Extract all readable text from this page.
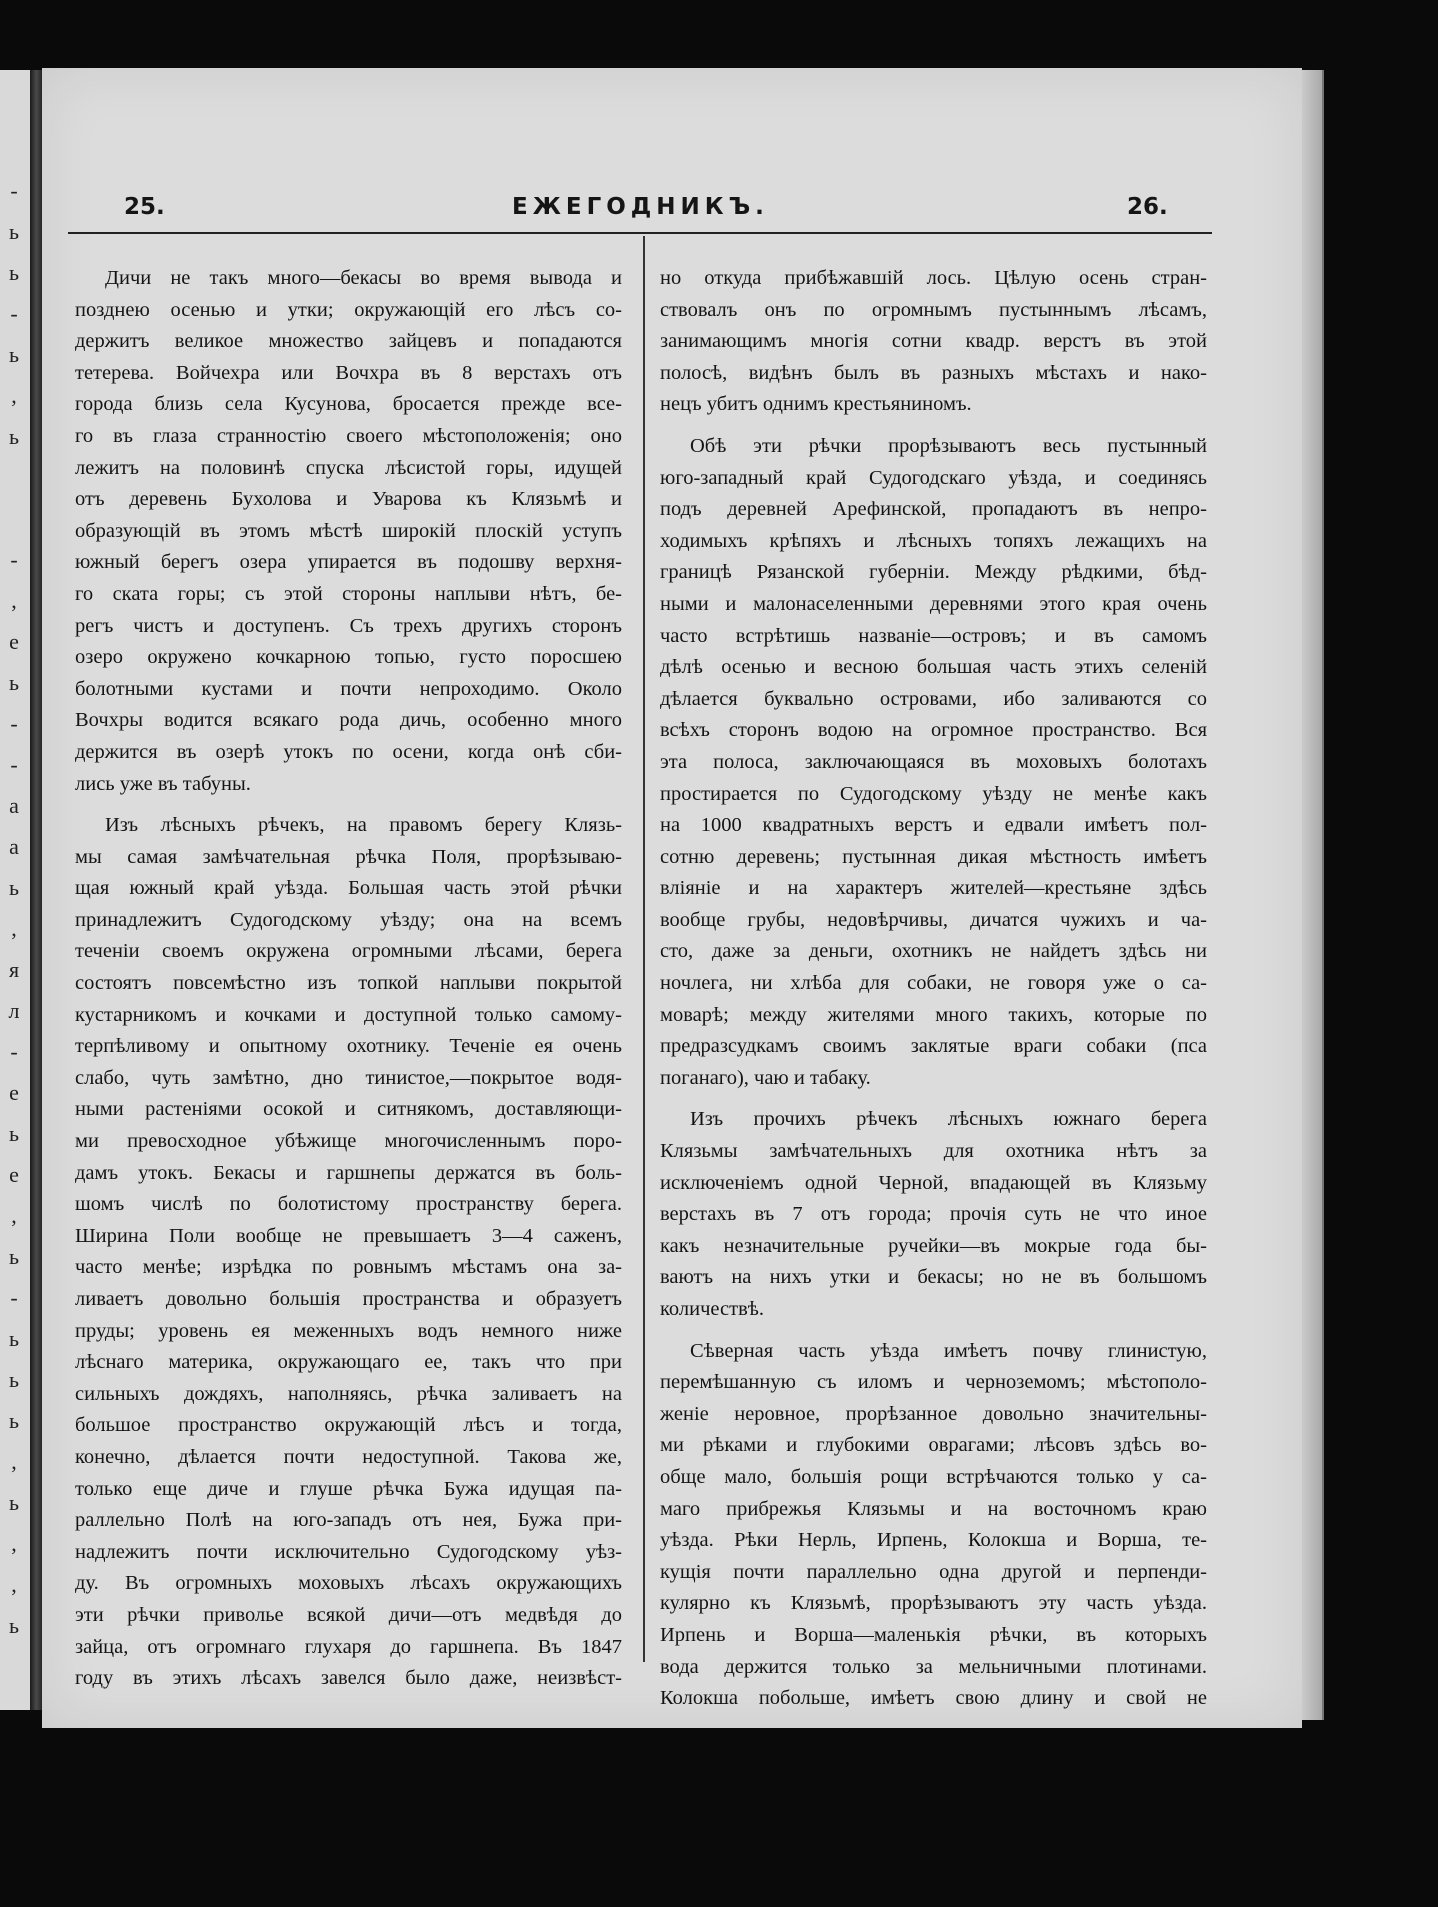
-
ь
ь
-
ь
,
ь
-
,
е
ь
-
-
а
а
ь
,
я
л
-
е
ь
е
,
ь
-
ь
ь
ь
,
ь
,
,
ь
25.	ЕЖЕГОДНИКЪ.	26.
Дичи не такъ много—бекасы во время вывода и
позднею осенью и утки; окружающій его лѣсъ со-
держитъ великое множество зайцевъ и попадаются
тетерева. Войчехра или Вочхра въ 8 верстахъ отъ
города близь села Кусунова, бросается прежде все-
го въ глаза странностію своего мѣстоположенія; оно
лежитъ на половинѣ спуска лѣсистой горы, идущей
отъ деревень Бухолова и Уварова къ Клязьмѣ и
образующій въ этомъ мѣстѣ широкій плоскій уступъ
южный берегъ озера упирается въ подошву верхня-
го ската горы; съ этой стороны наплыви нѣтъ, бе-
регъ чистъ и доступенъ. Съ трехъ другихъ сторонъ
озеро окружено кочкарною топью, густо поросшею
болотными кустами и почти непроходимо. Около
Вочхры водится всякаго рода дичь, особенно много
держится въ озерѣ утокъ по осени, когда онѣ сби-
лись уже въ табуны.
Изъ лѣсныхъ рѣчекъ, на правомъ берегу Клязь-
мы самая замѣчательная рѣчка Поля, прорѣзываю-
щая южный край уѣзда. Большая часть этой рѣчки
принадлежитъ Судогодскому уѣзду; она на всемъ
теченіи своемъ окружена огромными лѣсами, берега
состоятъ повсемѣстно изъ топкой наплыви покрытой
кустарникомъ и кочками и доступной только самому-
терпѣливому и опытному охотнику. Теченіе ея очень
слабо, чуть замѣтно, дно тинистое,—покрытое водя-
ными растеніями осокой и ситнякомъ, доставляющи-
ми превосходное убѣжище многочисленнымъ поро-
дамъ утокъ. Бекасы и гаршнепы держатся въ боль-
шомъ числѣ по болотистому пространству берега.
Ширина Поли вообще не превышаетъ 3—4 саженъ,
часто менѣе; изрѣдка по ровнымъ мѣстамъ она за-
ливаетъ довольно большія пространства и образуетъ
пруды; уровень ея меженныхъ водъ немного ниже
лѣснаго материка, окружающаго ее, такъ что при
сильныхъ дождяхъ, наполняясь, рѣчка заливаетъ на
большое пространство окружающій лѣсъ и тогда,
конечно, дѣлается почти недоступной. Такова же,
только еще диче и глуше рѣчка Бужа идущая па-
раллельно Полѣ на юго-западъ отъ нея, Бужа при-
надлежитъ почти исключительно Судогодскому уѣз-
ду. Въ огромныхъ моховыхъ лѣсахъ окружающихъ
эти рѣчки приволье всякой дичи—отъ медвѣдя до
зайца, отъ огромнаго глухаря до гаршнепа. Въ 1847
году въ этихъ лѣсахъ завелся было даже, неизвѣст-
но откуда прибѣжавшій лось. Цѣлую осень стран-
ствовалъ онъ по огромнымъ пустыннымъ лѣсамъ,
занимающимъ многія сотни квадр. верстъ въ этой
полосѣ, видѣнъ былъ въ разныхъ мѣстахъ и нако-
нецъ убитъ однимъ крестьяниномъ.
Обѣ эти рѣчки прорѣзываютъ весь пустынный
юго-западный край Судогодскаго уѣзда, и соединясь
подъ деревней Арефинской, пропадаютъ въ непро-
ходимыхъ крѣпяхъ и лѣсныхъ топяхъ лежащихъ на
границѣ Рязанской губерніи. Между рѣдкими, бѣд-
ными и малонаселенными деревнями этого края очень
часто встрѣтишь названіе—островъ; и въ самомъ
дѣлѣ осенью и весною большая часть этихъ селеній
дѣлается буквально островами, ибо заливаются со
всѣхъ сторонъ водою на огромное пространство. Вся
эта полоса, заключающаяся въ моховыхъ болотахъ
простирается по Судогодскому уѣзду не менѣе какъ
на 1000 квадратныхъ верстъ и едвали имѣетъ пол-
сотню деревень; пустынная дикая мѣстность имѣетъ
вліяніе и на характеръ жителей—крестьяне здѣсь
вообще грубы, недовѣрчивы, дичатся чужихъ и ча-
сто, даже за деньги, охотникъ не найдетъ здѣсь ни
ночлега, ни хлѣба для собаки, не говоря уже о са-
моварѣ; между жителями много такихъ, которые по
предразсудкамъ своимъ заклятые враги собаки (пса
поганаго), чаю и табаку.
Изъ прочихъ рѣчекъ лѣсныхъ южнаго берега
Клязьмы замѣчательныхъ для охотника нѣтъ за
исключеніемъ одной Черной, впадающей въ Клязьму
верстахъ въ 7 отъ города; прочія суть не что иное
какъ незначительные ручейки—въ мокрые года бы-
ваютъ на нихъ утки и бекасы; но не въ большомъ
количествѣ.
Сѣверная часть уѣзда имѣетъ почву глинистую,
перемѣшанную съ иломъ и черноземомъ; мѣстополо-
женіе неровное, прорѣзанное довольно значительны-
ми рѣками и глубокими оврагами; лѣсовъ здѣсь во-
обще мало, большія рощи встрѣчаются только у са-
маго прибрежья Клязьмы и на восточномъ краю
уѣзда. Рѣки Нерль, Ирпень, Колокша и Ворша, те-
кущія почти параллельно одна другой и перпенди-
кулярно къ Клязьмѣ, прорѣзываютъ эту часть уѣзда.
Ирпень и Ворша—маленькія рѣчки, въ которыхъ
вода держится только за мельничными плотинами.
Колокша побольше, имѣетъ свою длину и свой не
